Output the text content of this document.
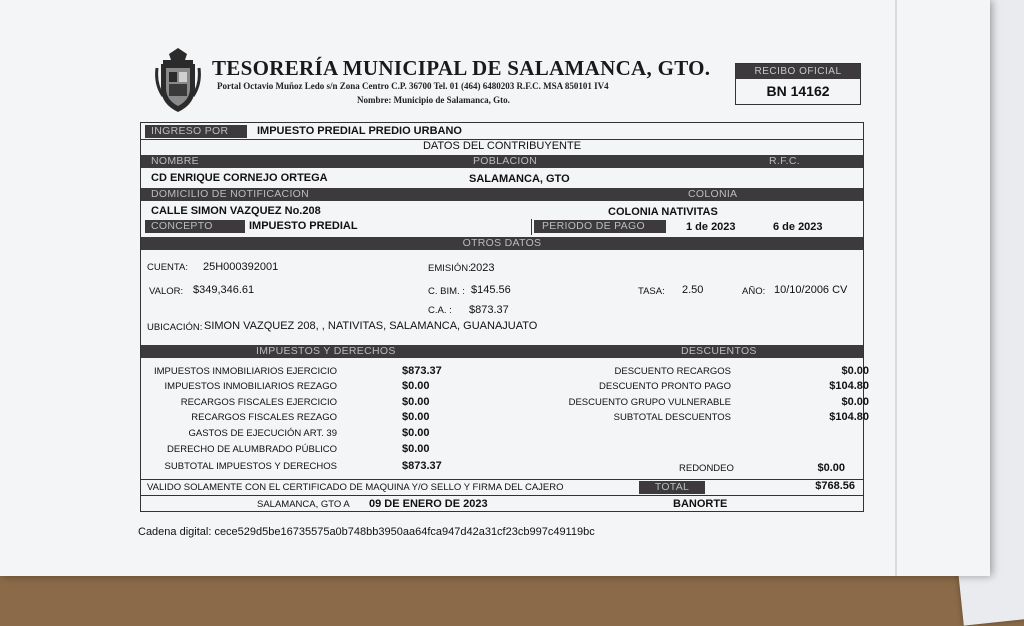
TESORERÍA MUNICIPAL DE SALAMANCA, GTO.
Portal Octavio Muñoz Ledo s/n Zona Centro C.P. 36700 Tel. 01 (464) 6480203 R.F.C. MSA 850101 IV4
Nombre: Municipio de Salamanca, Gto.
RECIBO OFICIAL
BN 14162
INGRESO POR	IMPUESTO PREDIAL PREDIO URBANO
DATOS DEL CONTRIBUYENTE
NOMBRE	POBLACION	R.F.C.
CD ENRIQUE CORNEJO ORTEGA	SALAMANCA, GTO
DOMICILIO DE NOTIFICACION	COLONIA
CALLE SIMON VAZQUEZ No.208	COLONIA NATIVITAS
CONCEPTO	IMPUESTO PREDIAL	PERIODO DE PAGO	1 de 2023	6 de 2023
OTROS DATOS
CUENTA: 25H000392001	EMISIÓN: 2023
VALOR: $349,346.61	C. BIM. : $145.56	TASA: 2.50	AÑO: 10/10/2006 CV
C.A. : $873.37
UBICACIÓN: SIMON VAZQUEZ 208, , NATIVITAS, SALAMANCA, GUANAJUATO
IMPUESTOS Y DERECHOS	DESCUENTOS
IMPUESTOS INMOBILIARIOS EJERCICIO	$873.37
IMPUESTOS INMOBILIARIOS REZAGO	$0.00
RECARGOS FISCALES EJERCICIO	$0.00
RECARGOS FISCALES REZAGO	$0.00
GASTOS DE EJECUCIÓN ART. 39	$0.00
DERECHO DE ALUMBRADO PÚBLICO	$0.00
SUBTOTAL IMPUESTOS Y DERECHOS	$873.37
DESCUENTO RECARGOS	$0.00
DESCUENTO PRONTO PAGO	$104.80
DESCUENTO GRUPO VULNERABLE	$0.00
SUBTOTAL DESCUENTOS	$104.80
REDONDEO	$0.00
VALIDO SOLAMENTE CON EL CERTIFICADO DE MAQUINA Y/O SELLO Y FIRMA DEL CAJERO	TOTAL	$768.56
SALAMANCA, GTO A 09 DE ENERO DE 2023	BANORTE
Cadena digital: cece529d5be16735575a0b748bb3950aa64fca947d42a31cf23cb997c49119bc
